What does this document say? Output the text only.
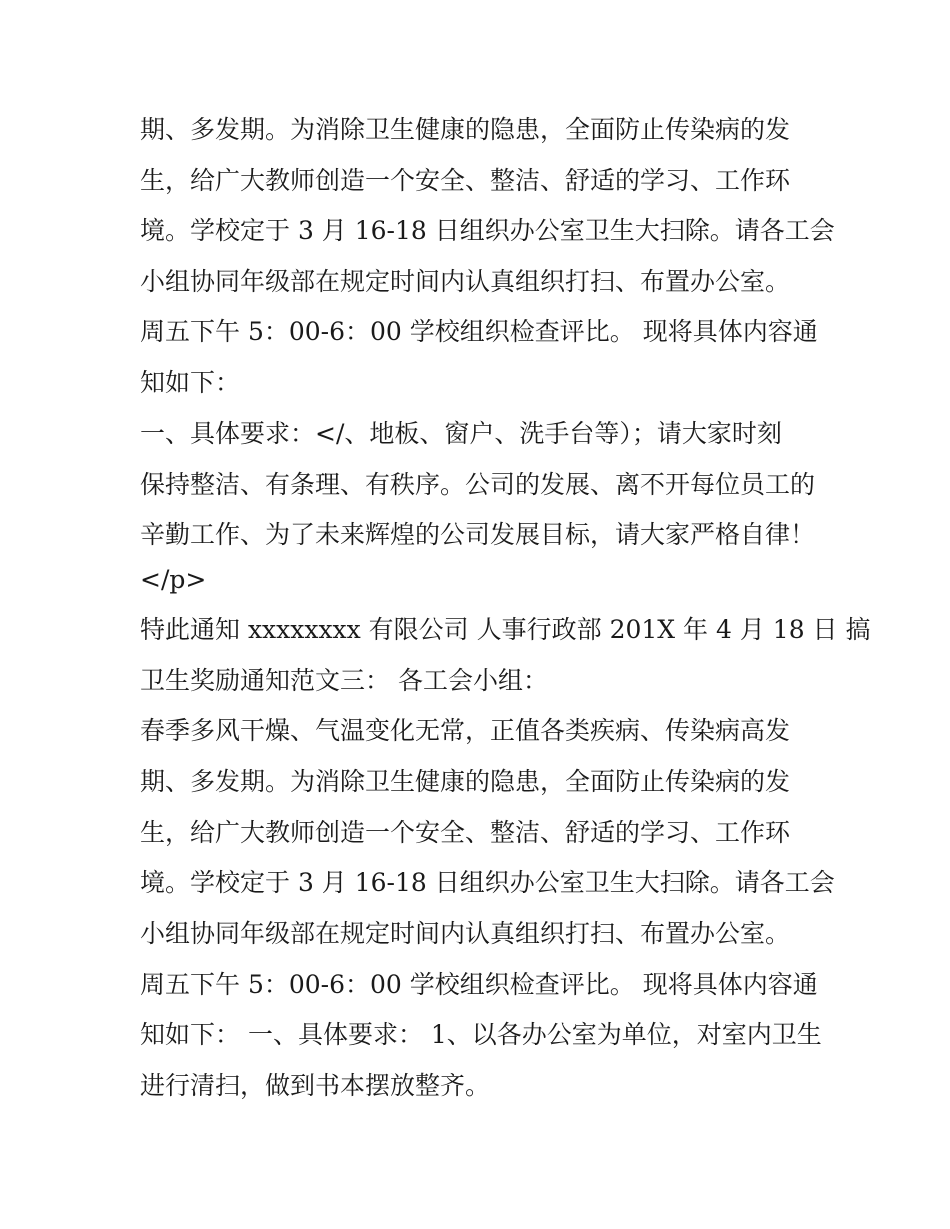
期、多发期。为消除卫生健康的隐患，全面防止传染病的发
生，给广大教师创造一个安全、整洁、舒适的学习、工作环
境。学校定于 3 月 16-18 日组织办公室卫生大扫除。请各工会
小组协同年级部在规定时间内认真组织打扫、布置办公室。
周五下午 5：00-6：00 学校组织检查评比。 现将具体内容通
知如下：
一、具体要求：</、地板、窗户、洗手台等）；请大家时刻
保持整洁、有条理、有秩序。公司的发展、离不开每位员工的
辛勤工作、为了未来辉煌的公司发展目标，请大家严格自律！
</p>
特此通知 xxxxxxxx 有限公司 人事行政部 201X 年 4 月 18 日 搞
卫生奖励通知范文三： 各工会小组：
春季多风干燥、气温变化无常，正值各类疾病、传染病高发
期、多发期。为消除卫生健康的隐患，全面防止传染病的发
生，给广大教师创造一个安全、整洁、舒适的学习、工作环
境。学校定于 3 月 16-18 日组织办公室卫生大扫除。请各工会
小组协同年级部在规定时间内认真组织打扫、布置办公室。
周五下午 5：00-6：00 学校组织检查评比。 现将具体内容通
知如下： 一、具体要求： 1、以各办公室为单位，对室内卫生
进行清扫，做到书本摆放整齐。
